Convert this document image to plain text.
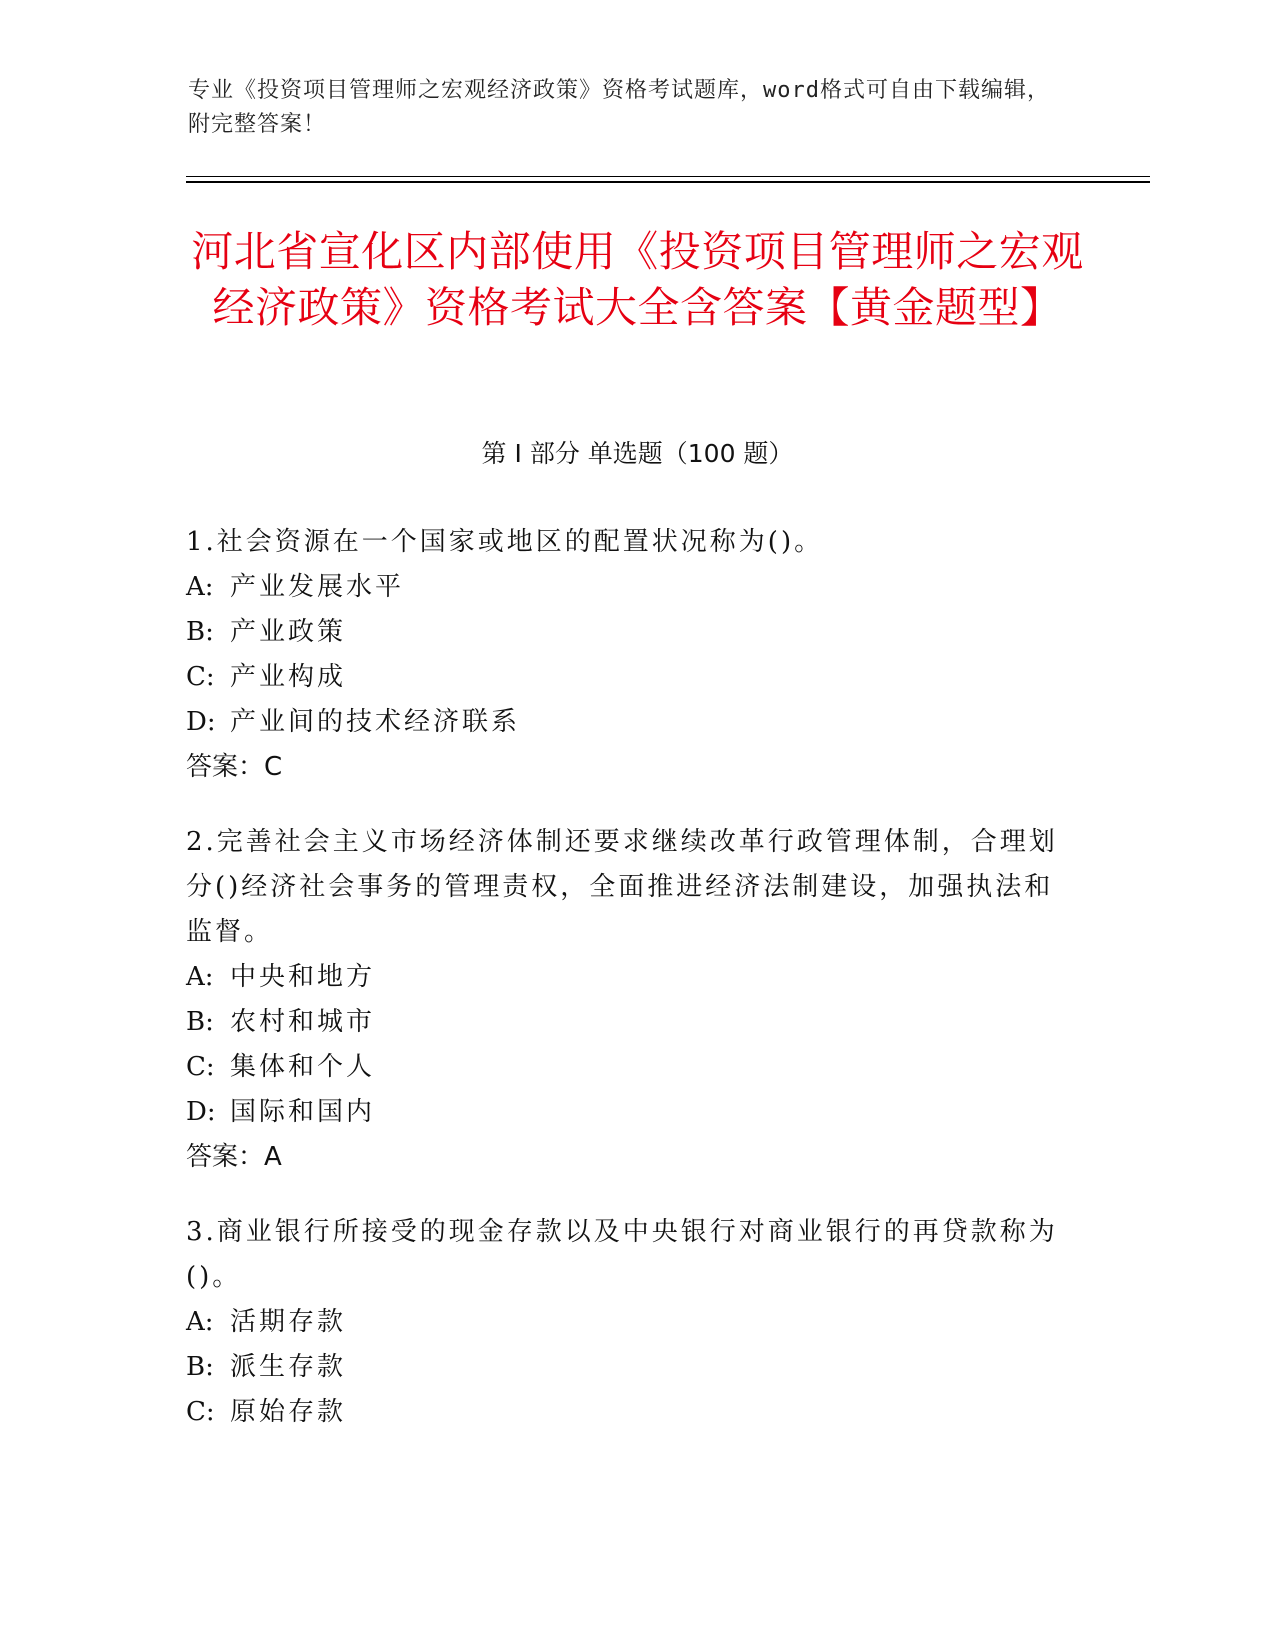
专业《投资项目管理师之宏观经济政策》资格考试题库，word格式可自由下载编辑，附完整答案！
河北省宣化区内部使用《投资项目管理师之宏观经济政策》资格考试大全含答案【黄金题型】
第 I 部分 单选题（100 题）
1.社会资源在一个国家或地区的配置状况称为()。
A: 产业发展水平
B: 产业政策
C: 产业构成
D: 产业间的技术经济联系
答案：C
2.完善社会主义市场经济体制还要求继续改革行政管理体制，合理划分()经济社会事务的管理责权，全面推进经济法制建设，加强执法和监督。
A: 中央和地方
B: 农村和城市
C: 集体和个人
D: 国际和国内
答案：A
3.商业银行所接受的现金存款以及中央银行对商业银行的再贷款称为()。
A: 活期存款
B: 派生存款
C: 原始存款
